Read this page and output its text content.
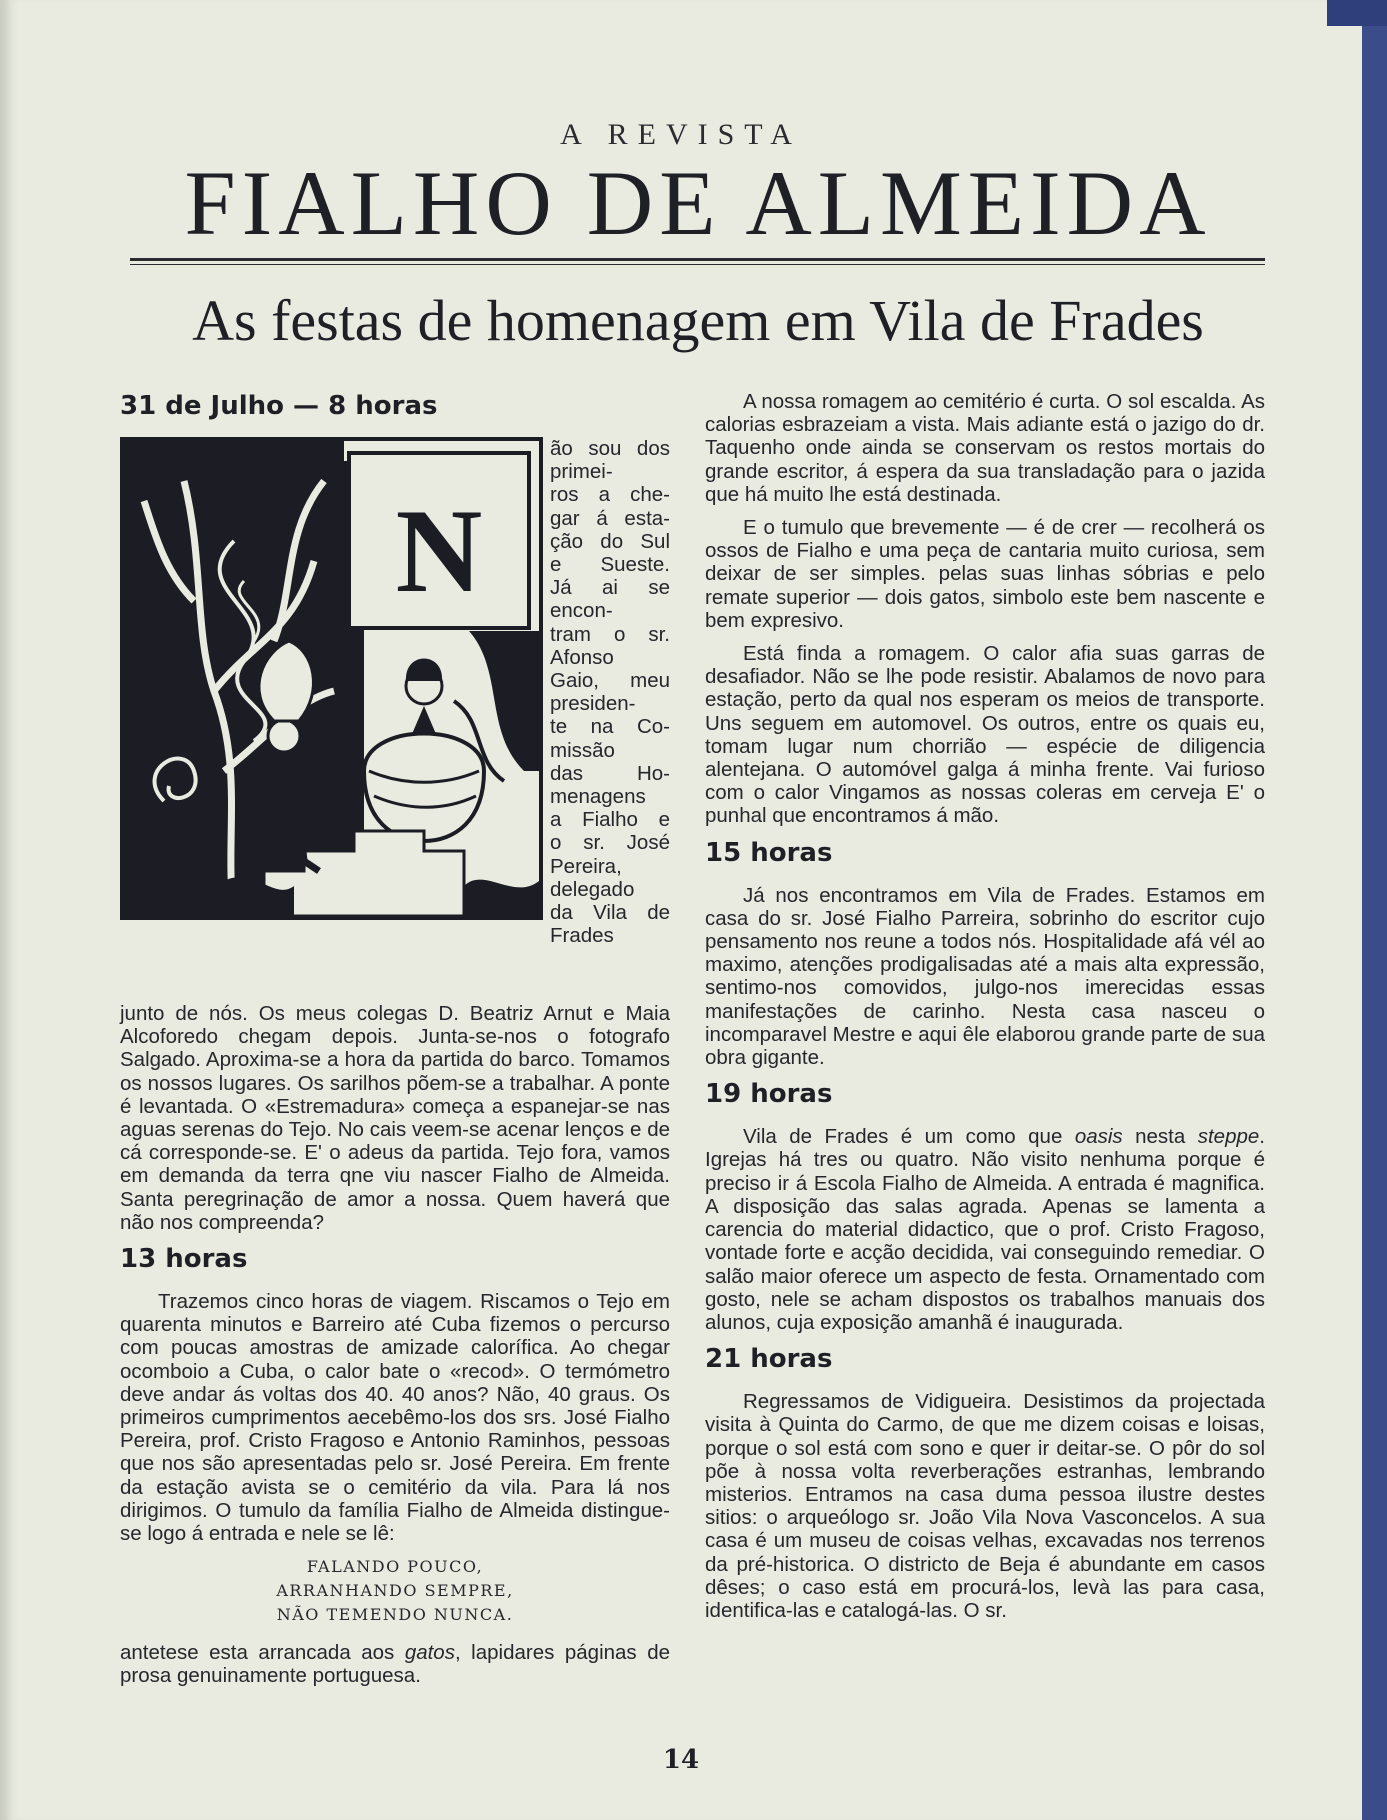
A REVISTA
FIALHO DE ALMEIDA
As festas de homenagem em Vila de Frades
31 de Julho — 8 horas
N
ão sou dos
primei-
ros a che-
gar á esta-
ção do Sul
e Sueste.
Já ai se
encon-
tram o sr.
Afonso
Gaio, meu
presiden-
te na Co-
missão
das Ho-
menagens
a Fialho e
o sr. José
Pereira,
delegado
da Vila de
Frades

junto de nós. Os meus colegas D. Beatriz Arnut e Maia Alcoforedo chegam depois. Junta-se-nos o fotografo Salgado. Aproxima-se a hora da partida do barco. Tomamos os nossos lugares. Os sarilhos põem-se a trabalhar. A ponte é levantada. O «Estremadura» começa a espanejar-se nas aguas serenas do Tejo. No cais veem-se acenar lenços e de cá corresponde-se. E' o adeus da partida. Tejo fora, vamos em demanda da terra qne viu nascer Fialho de Almeida. Santa peregrinação de amor a nossa. Quem haverá que não nos compreenda?

13 horas

Trazemos cinco horas de viagem. Riscamos o Tejo em quarenta minutos e Barreiro até Cuba fizemos o percurso com poucas amostras de amizade calorífica. Ao chegar ocomboio a Cuba, o calor bate o «recod». O termómetro deve andar ás voltas dos 40. 40 anos? Não, 40 graus. Os primeiros cumprimentos aecebêmo-los dos srs. José Fialho Pereira, prof. Cristo Fragoso e Antonio Raminhos, pessoas que nos são apresentadas pelo sr. José Pereira. Em frente da estação avista se o cemitério da vila. Para lá nos dirigimos. O tumulo da família Fialho de Almeida distingue-se logo á entrada e nele se lê:

FALANDO POUCO,
ARRANHANDO SEMPRE,
NÃO TEMENDO NUNCA.

antetese esta arrancada aos gatos, lapidares páginas de prosa genuinamente portuguesa.

A nossa romagem ao cemitério é curta. O sol escalda. As calorias esbrazeiam a vista. Mais adiante está o jazigo do dr. Taquenho onde ainda se conservam os restos mortais do grande escritor, á espera da sua transladação para o jazida que há muito lhe está destinada.

E o tumulo que brevemente — é de crer — recolherá os ossos de Fialho e uma peça de cantaria muito curiosa, sem deixar de ser simples. pelas suas linhas sóbrias e pelo remate superior — dois gatos, simbolo este bem nascente e bem expresivo.

Está finda a romagem. O calor afia suas garras de desafiador. Não se lhe pode resistir. Abalamos de novo para estação, perto da qual nos esperam os meios de transporte. Uns seguem em automovel. Os outros, entre os quais eu, tomam lugar num chorrião — espécie de diligencia alentejana. O automóvel galga á minha frente. Vai furioso com o calor Vingamos as nossas coleras em cerveja E' o punhal que encontramos á mão.

15 horas

Já nos encontramos em Vila de Frades. Estamos em casa do sr. José Fialho Parreira, sobrinho do escritor cujo pensamento nos reune a todos nós. Hospitalidade afá vél ao maximo, atenções prodigalisadas até a mais alta expressão, sentimo-nos comovidos, julgo-nos imerecidas essas manifestações de carinho. Nesta casa nasceu o incomparavel Mestre e aqui êle elaborou grande parte de sua obra gigante.

19 horas

Vila de Frades é um como que oasis nesta steppe. Igrejas há tres ou quatro. Não visito nenhuma porque é preciso ir á Escola Fialho de Almeida. A entrada é magnifica. A disposição das salas agrada. Apenas se lamenta a carencia do material didactico, que o prof. Cristo Fragoso, vontade forte e acção decidida, vai conseguindo remediar. O salão maior oferece um aspecto de festa. Ornamentado com gosto, nele se acham dispostos os trabalhos manuais dos alunos, cuja exposição amanhã é inaugurada.

21 horas

Regressamos de Vidigueira. Desistimos da projectada visita à Quinta do Carmo, de que me dizem coisas e loisas, porque o sol está com sono e quer ir deitar-se. O pôr do sol põe à nossa volta reverberações estranhas, lembrando misterios. Entramos na casa duma pessoa ilustre destes sitios: o arqueólogo sr. João Vila Nova Vasconcelos. A sua casa é um museu de coisas velhas, excavadas nos terrenos da pré-historica. O districto de Beja é abundante em casos dêses; o caso está em procurá-los, levà las para casa, identifica-las e catalogá-las. O sr.

14
